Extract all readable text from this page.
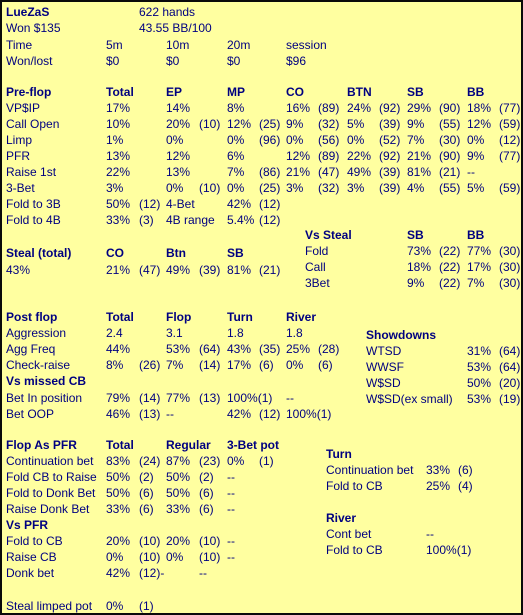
LueZaS	622 hands
Won $135	43.55 BB/100
Time	5m	10m	20m	session
Won/lost	$0	$0	$0	$96
Pre-flop	Total	EP	MP	CO	BTN	SB	BB
VP$IP	17%	14%	8%	16% (89) 24% (92) 29% (90) 18% (77)
Call Open	10%	20% (10) 12% (25) 9% (32) 5% (39) 9% (55) 12% (59)
Limp	1%	0%	0% (96) 0% (56) 0% (52) 7% (30) 0% (12)
PFR	13%	12%	6%	12% (89) 22% (92) 21% (90) 9% (77)
Raise 1st	22%	13%	7% (86) 21% (47) 49% (39) 81% (21) --
3-Bet	3%	0% (10) 0% (25) 3% (32) 3% (39) 4% (55) 5% (59)
Fold to 3B	50% (12) 4-Bet	42% (12)
Fold to 4B	33% (3) 4B range 5.4% (12)
Vs Steal	SB	BB
Fold	73% (22) 77% (30)
Call	18% (22) 17% (30)
3Bet	9% (22) 7% (30)
Steal (total)	CO	Btn	SB
43%	21% (47) 49% (39) 81% (21)
Post flop	Total	Flop	Turn	River
Aggression	2.4	3.1	1.8	1.8
Agg Freq	44%	53% (64) 43% (35) 25% (28)
Check-raise	8% (26) 7% (14) 17% (6) 0% (6)
Vs missed CB
Bet In position 79% (14) 77% (13) 100%(1) --
Bet OOP	46% (13) --	42% (12) 100%(1)
Showdowns
WTSD	31% (64)
WWSF	53% (64)
W$SD	50% (20)
W$SD(ex small) 53% (19)
Flop As PFR Total	Regular 3-Bet pot
Continuation bet 83% (24) 87% (23) 0% (1)
Fold CB to Raise 50% (2) 50% (2) --
Fold to Donk Bet 50% (6) 50% (6) --
Raise Donk Bet 33% (6) 33% (6) --
Vs PFR
Fold to CB	20% (10) 20% (10) --
Raise CB	0% (10) 0% (10) --
Donk bet	42% (12)-	--
Turn
Continuation bet 33% (6)
Fold to CB	25% (4)
River
Cont bet	--
Fold to CB	100%(1)
Steal limped pot 0% (1)
